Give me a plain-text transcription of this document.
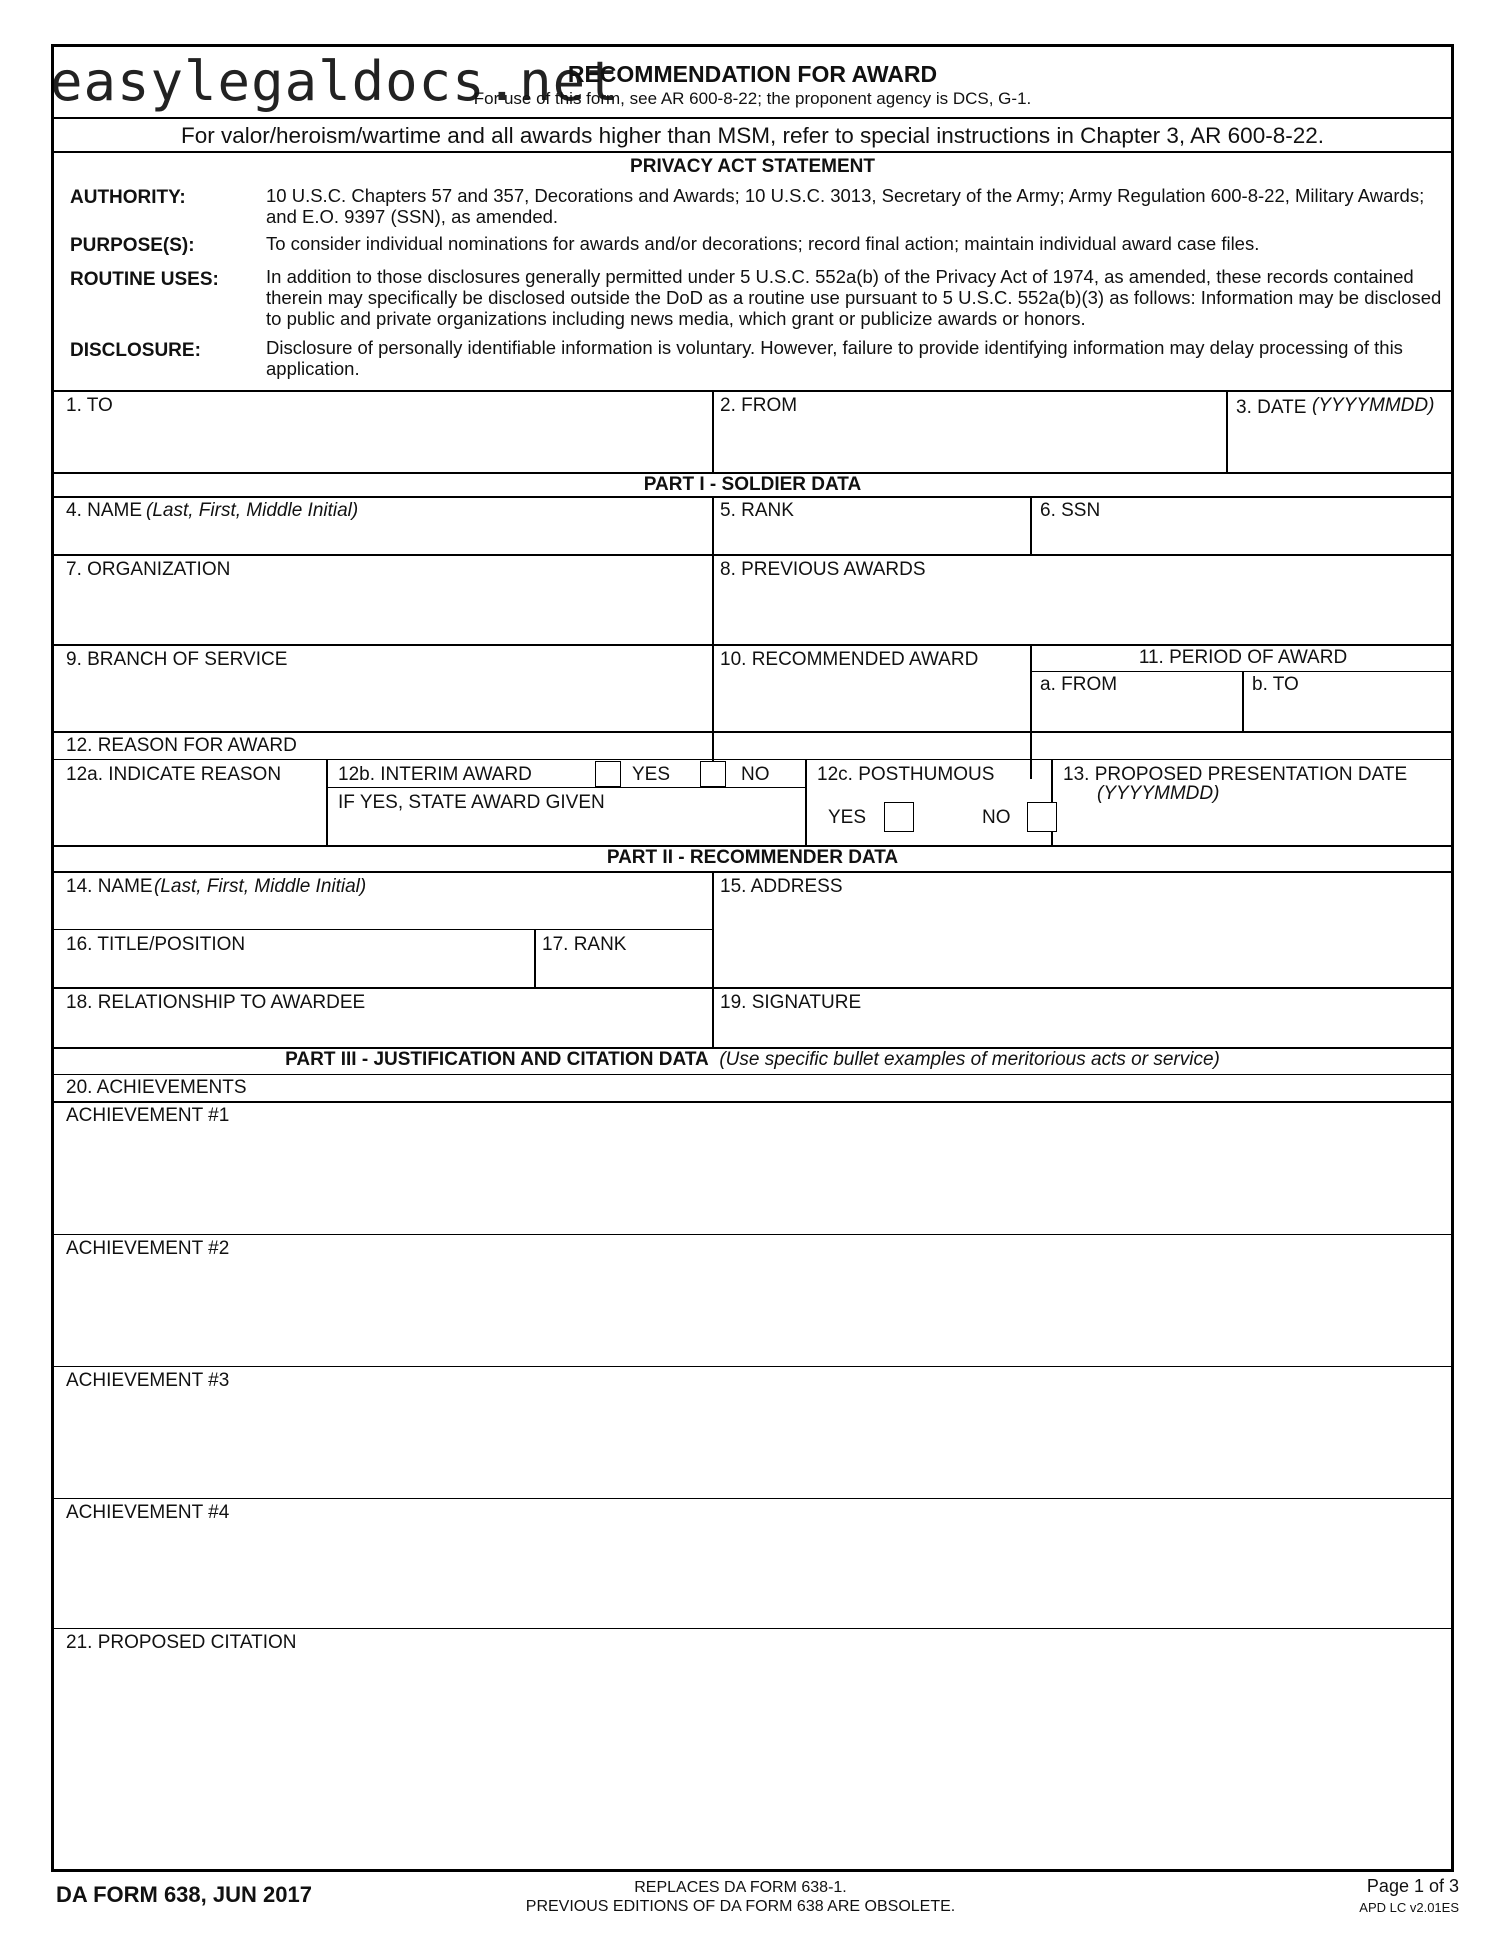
easylegaldocs.net
RECOMMENDATION FOR AWARD
For use of this form, see AR 600-8-22; the proponent agency is DCS, G-1.
For valor/heroism/wartime and all awards higher than MSM, refer to special instructions in Chapter 3, AR 600-8-22.
PRIVACY ACT STATEMENT
AUTHORITY:	10 U.S.C. Chapters 57 and 357, Decorations and Awards; 10 U.S.C. 3013, Secretary of the Army; Army Regulation 600-8-22, Military Awards; and E.O. 9397 (SSN), as amended.
PURPOSE(S):	To consider individual nominations for awards and/or decorations; record final action; maintain individual award case files.
ROUTINE USES:	In addition to those disclosures generally permitted under 5 U.S.C. 552a(b) of the Privacy Act of 1974, as amended, these records contained therein may specifically be disclosed outside the DoD as a routine use pursuant to 5 U.S.C. 552a(b)(3) as follows: Information may be disclosed to public and private organizations including news media, which grant or publicize awards or honors.
DISCLOSURE:	Disclosure of personally identifiable information is voluntary. However, failure to provide identifying information may delay processing of this application.
1. TO	2. FROM	3. DATE (YYYYMMDD)
PART I - SOLDIER DATA
4. NAME (Last, First, Middle Initial)	5. RANK	6. SSN
7. ORGANIZATION	8. PREVIOUS AWARDS
9. BRANCH OF SERVICE	10. RECOMMENDED AWARD	11. PERIOD OF AWARD
a. FROM	b. TO
12. REASON FOR AWARD
12a. INDICATE REASON	12b. INTERIM AWARD	YES	NO
IF YES, STATE AWARD GIVEN
12c. POSTHUMOUS
YES	NO
13. PROPOSED PRESENTATION DATE
(YYYYMMDD)
PART II - RECOMMENDER DATA
14. NAME (Last, First, Middle Initial)	15. ADDRESS
16. TITLE/POSITION	17. RANK
18. RELATIONSHIP TO AWARDEE	19. SIGNATURE
PART III - JUSTIFICATION AND CITATION DATA (Use specific bullet examples of meritorious acts or service)
20. ACHIEVEMENTS
ACHIEVEMENT #1
ACHIEVEMENT #2
ACHIEVEMENT #3
ACHIEVEMENT #4
21. PROPOSED CITATION
DA FORM 638, JUN 2017	REPLACES DA FORM 638-1.
PREVIOUS EDITIONS OF DA FORM 638 ARE OBSOLETE.
Page 1 of 3
APD LC v2.01ES
